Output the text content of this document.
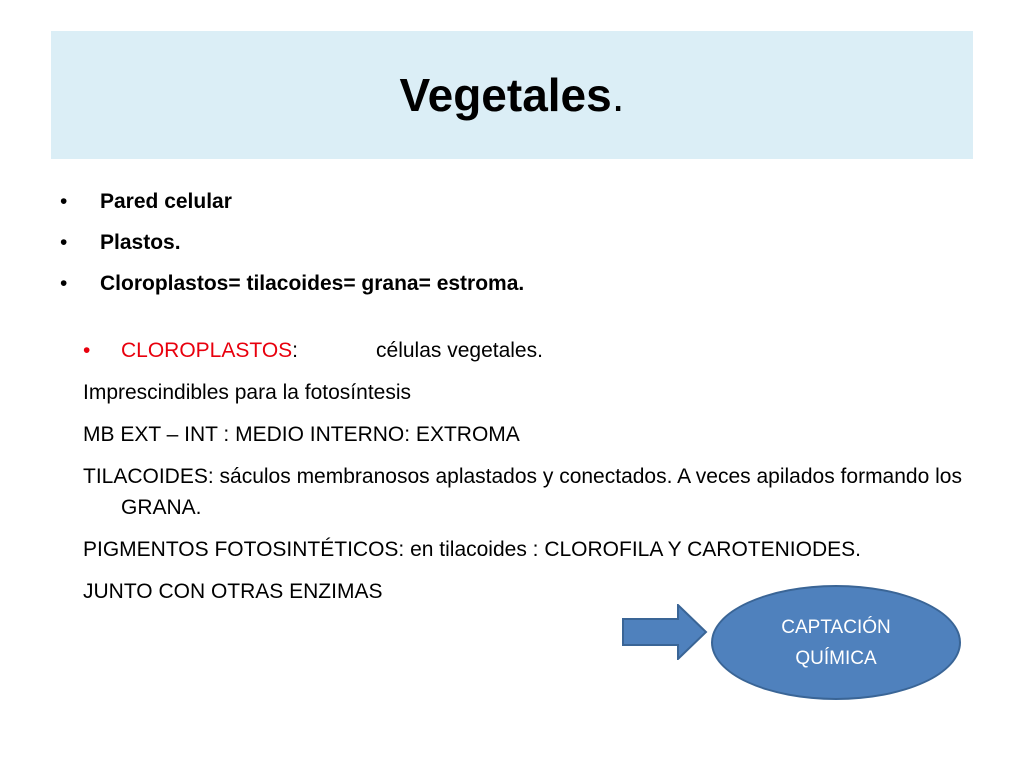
Vegetales.
• Pared celular
• Plastos.
• Cloroplastos= tilacoides= grana= estroma.
• CLOROPLASTOS:	células vegetales.
Imprescindibles para la fotosíntesis
MB EXT – INT : MEDIO INTERNO: EXTROMA
TILACOIDES: sáculos membranosos aplastados y conectados. A veces apilados formando los GRANA.
PIGMENTOS FOTOSINTÉTICOS: en tilacoides : CLOROFILA Y CAROTENIODES.
JUNTO CON OTRAS ENZIMAS
CAPTACIÓN
QUÍMICA
